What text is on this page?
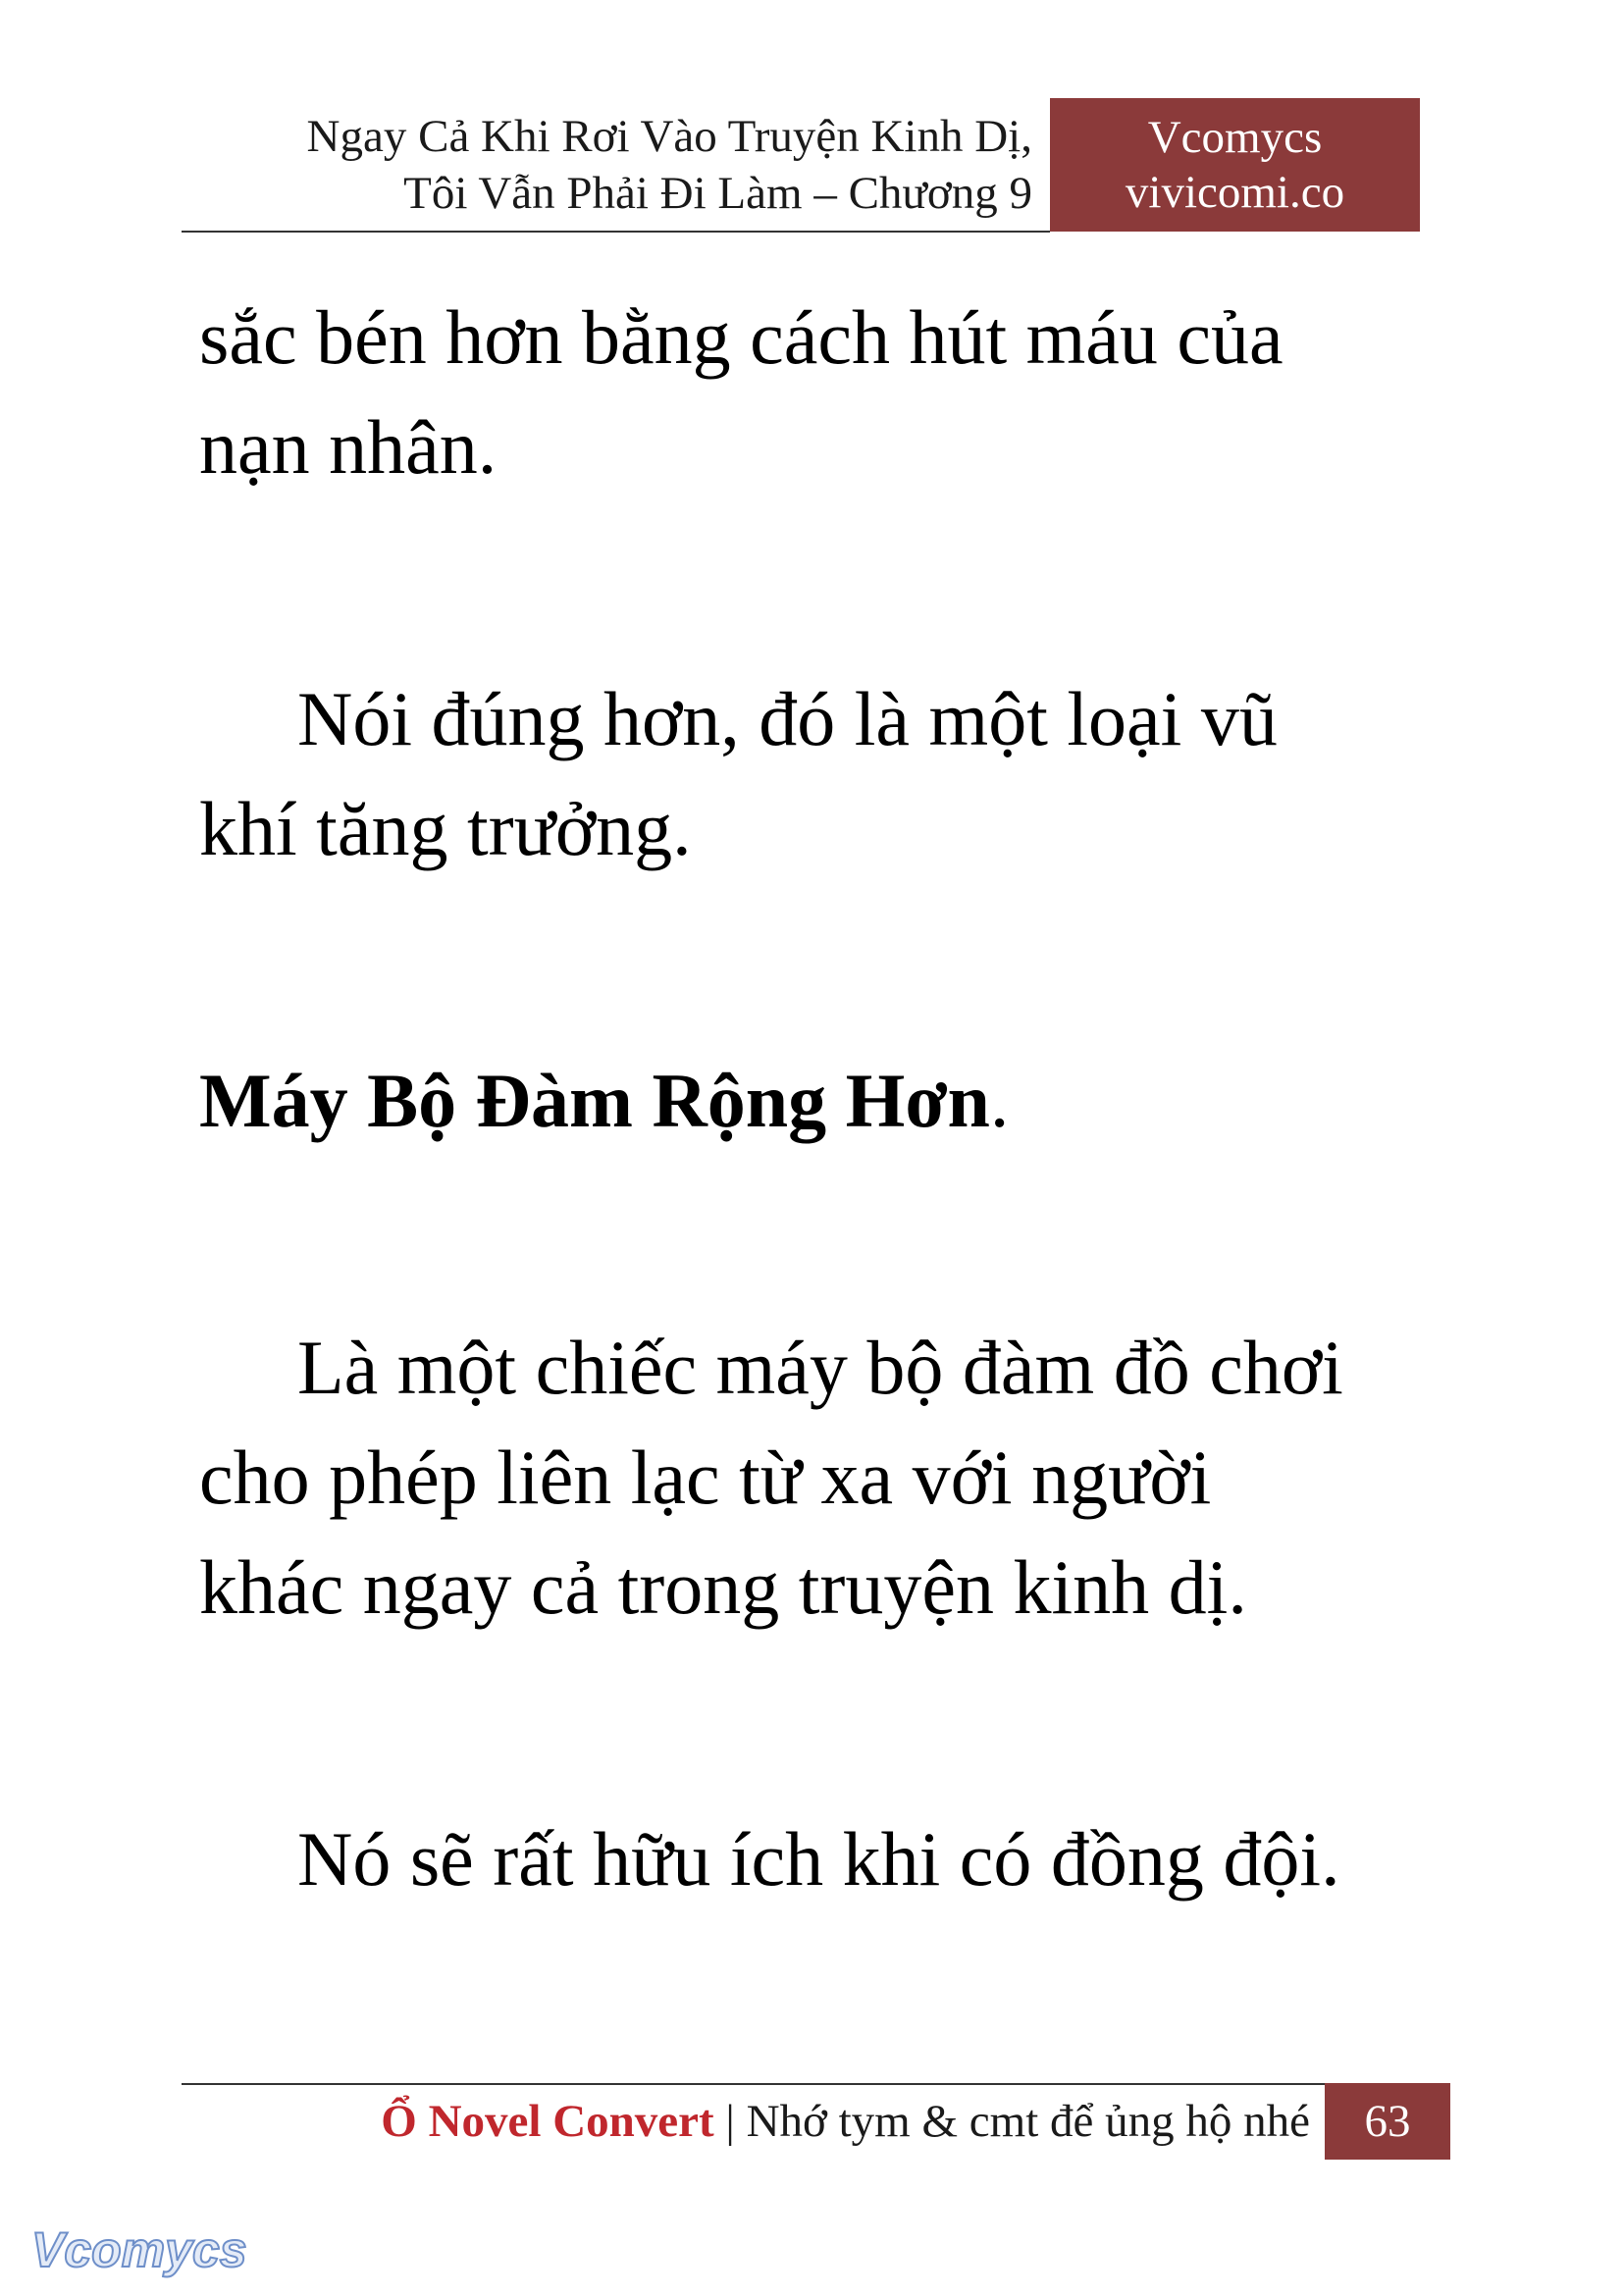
Ngay Cả Khi Rơi Vào Truyện Kinh Dị,
Tôi Vẫn Phải Đi Làm – Chương 9
Vcomycs
vivicomi.co

sắc bén hơn bằng cách hút máu của
nạn nhân.

Nói đúng hơn, đó là một loại vũ
khí tăng trưởng.

Máy Bộ Đàm Rộng Hơn.

Là một chiếc máy bộ đàm đồ chơi
cho phép liên lạc từ xa với người
khác ngay cả trong truyện kinh dị.

Nó sẽ rất hữu ích khi có đồng đội.

Ổ Novel Convert | Nhớ tym & cmt để ủng hộ nhé	63
Vcomycs
